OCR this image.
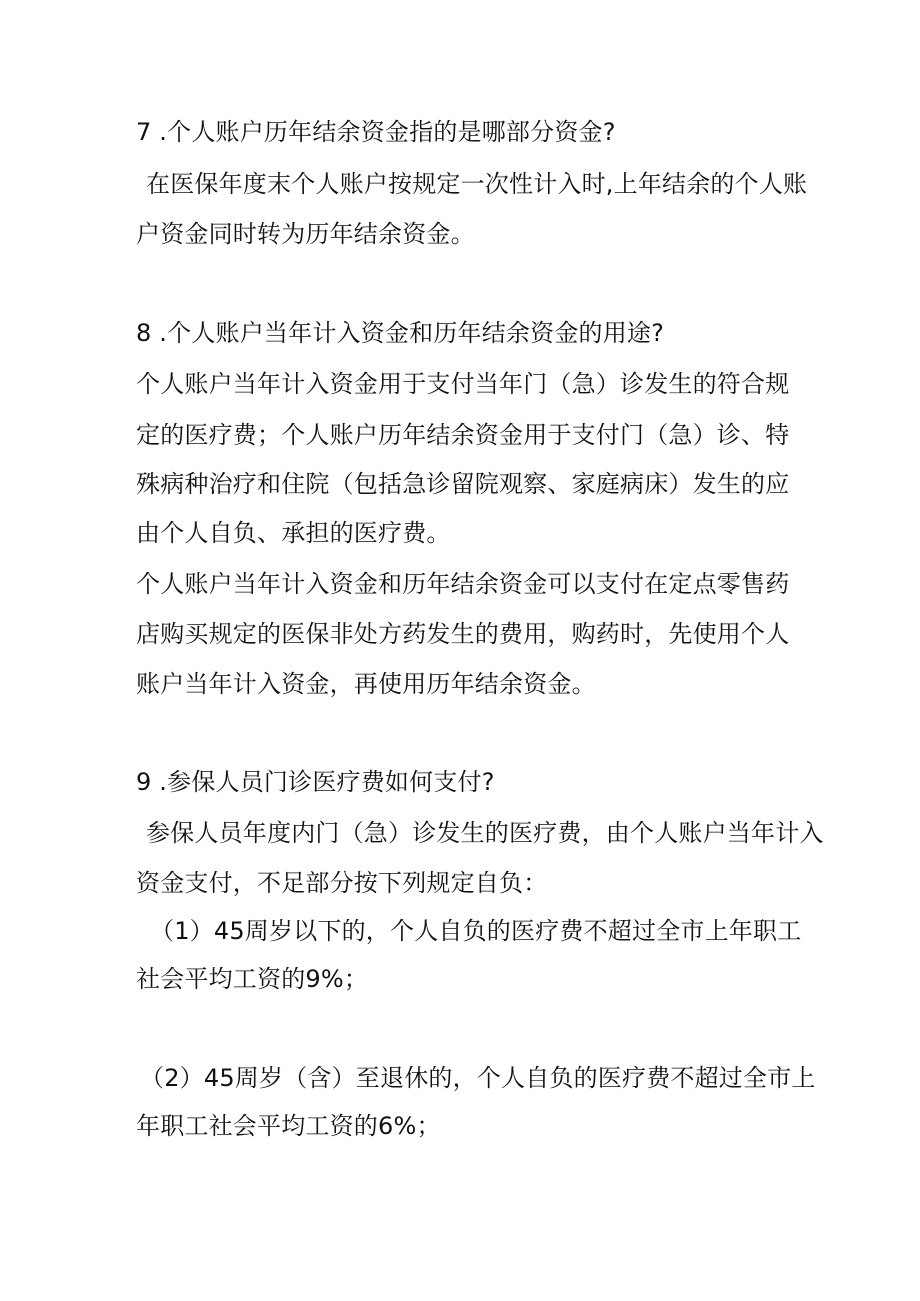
7 .个人账户历年结余资金指的是哪部分资金?
在医保年度末个人账户按规定一次性计入时,上年结余的个人账
户资金同时转为历年结余资金。
8 .个人账户当年计入资金和历年结余资金的用途?
个人账户当年计入资金用于支付当年门（急）诊发生的符合规
定的医疗费；个人账户历年结余资金用于支付门（急）诊、特
殊病种治疗和住院（包括急诊留院观察、家庭病床）发生的应
由个人自负、承担的医疗费。
个人账户当年计入资金和历年结余资金可以支付在定点零售药
店购买规定的医保非处方药发生的费用，购药时，先使用个人
账户当年计入资金，再使用历年结余资金。
9 .参保人员门诊医疗费如何支付?
参保人员年度内门（急）诊发生的医疗费，由个人账户当年计入
资金支付，不足部分按下列规定自负：
（1）45周岁以下的，个人自负的医疗费不超过全市上年职工
社会平均工资的9%；
（2）45周岁（含）至退休的，个人自负的医疗费不超过全市上
年职工社会平均工资的6%；
